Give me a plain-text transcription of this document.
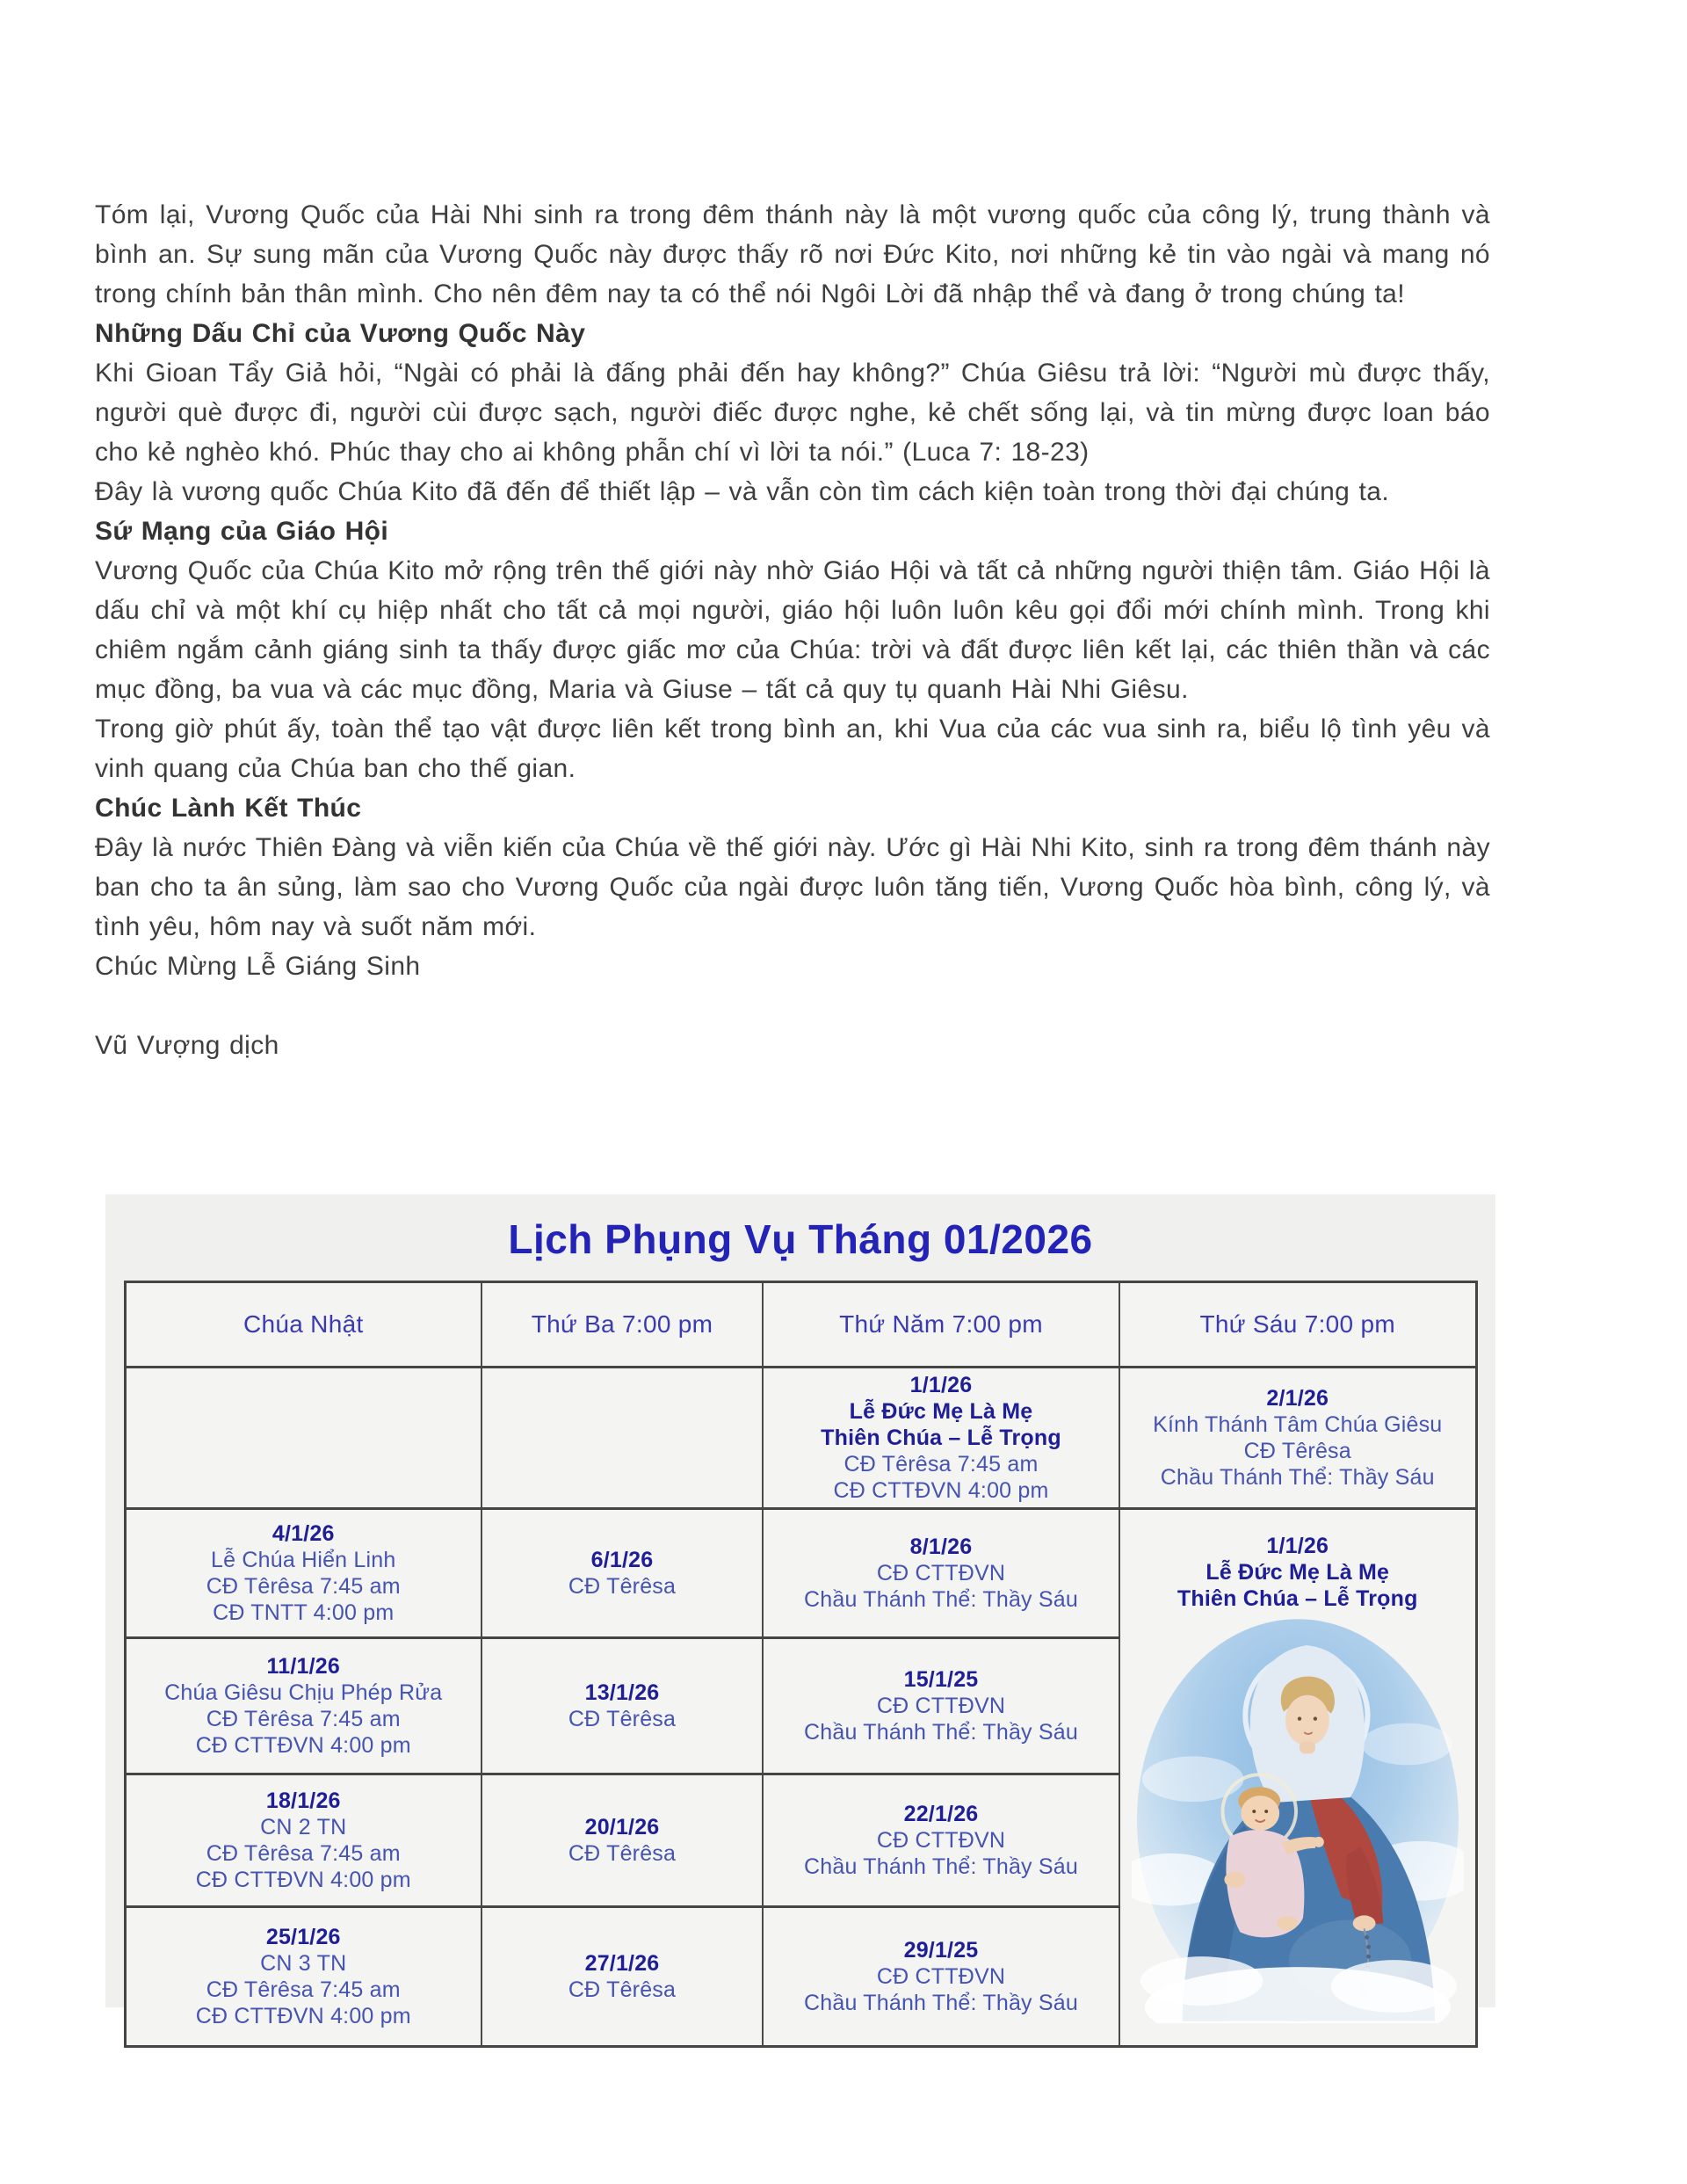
Tóm lại, Vương Quốc của Hài Nhi sinh ra trong đêm thánh này là một vương quốc của công lý, trung thành và bình an. Sự sung mãn của Vương Quốc này được thấy rõ nơi Đức Kito, nơi những kẻ tin vào ngài và mang nó trong chính bản thân mình. Cho nên đêm nay ta có thể nói Ngôi Lời đã nhập thể và đang ở trong chúng ta!

Những Dấu Chỉ của Vương Quốc Này

Khi Gioan Tẩy Giả hỏi, “Ngài có phải là đấng phải đến hay không?” Chúa Giêsu trả lời: “Người mù được thấy, người què được đi, người cùi được sạch, người điếc được nghe, kẻ chết sống lại, và tin mừng được loan báo cho kẻ nghèo khó. Phúc thay cho ai không phẫn chí vì lời ta nói.” (Luca 7: 18-23)

Đây là vương quốc Chúa Kito đã đến để thiết lập – và vẫn còn tìm cách kiện toàn trong thời đại chúng ta.

Sứ Mạng của Giáo Hội

Vương Quốc của Chúa Kito mở rộng trên thế giới này nhờ Giáo Hội và tất cả những người thiện tâm. Giáo Hội là dấu chỉ và một khí cụ hiệp nhất cho tất cả mọi người, giáo hội luôn luôn kêu gọi đổi mới chính mình. Trong khi chiêm ngắm cảnh giáng sinh ta thấy được giấc mơ của Chúa: trời và đất được liên kết lại, các thiên thần và các mục đồng, ba vua và các mục đồng, Maria và Giuse – tất cả quy tụ quanh Hài Nhi Giêsu.

Trong giờ phút ấy, toàn thể tạo vật được liên kết trong bình an, khi Vua của các vua sinh ra, biểu lộ tình yêu và vinh quang của Chúa ban cho thế gian.

Chúc Lành Kết Thúc

Đây là nước Thiên Đàng và viễn kiến của Chúa về thế giới này. Ước gì Hài Nhi Kito, sinh ra trong đêm thánh này ban cho ta ân sủng, làm sao cho Vương Quốc của ngài được luôn tăng tiến, Vương Quốc hòa bình, công lý, và tình yêu, hôm nay và suốt năm mới.

Chúc Mừng Lễ Giáng Sinh

Vũ Vượng dịch

Lịch Phụng Vụ Tháng 01/2026
Chúa Nhật	Thứ Ba 7:00 pm	Thứ Năm 7:00 pm	Thứ Sáu 7:00 pm

		1/1/26
Lễ Đức Mẹ Là Mẹ
Thiên Chúa – Lễ Trọng
CĐ Têrêsa 7:45 am
CĐ CTTĐVN 4:00 pm	2/1/26
Kính Thánh Tâm Chúa Giêsu
CĐ Têrêsa
Chầu Thánh Thể: Thầy Sáu

4/1/26
Lễ Chúa Hiển Linh
CĐ Têrêsa 7:45 am
CĐ TNTT 4:00 pm	6/1/26
CĐ Têrêsa	8/1/26
CĐ CTTĐVN
Chầu Thánh Thể: Thầy Sáu	1/1/26
Lễ Đức Mẹ Là Mẹ
Thiên Chúa – Lễ Trọng

11/1/26
Chúa Giêsu Chịu Phép Rửa
CĐ Têrêsa 7:45 am
CĐ CTTĐVN 4:00 pm	13/1/26
CĐ Têrêsa	15/1/25
CĐ CTTĐVN
Chầu Thánh Thể: Thầy Sáu	

18/1/26
CN 2 TN
CĐ Têrêsa 7:45 am
CĐ CTTĐVN 4:00 pm	20/1/26
CĐ Têrêsa	22/1/26
CĐ CTTĐVN
Chầu Thánh Thể: Thầy Sáu	

25/1/26
CN 3 TN
CĐ Têrêsa 7:45 am
CĐ CTTĐVN 4:00 pm	27/1/26
CĐ Têrêsa	29/1/25
CĐ CTTĐVN
Chầu Thánh Thể: Thầy Sáu	
